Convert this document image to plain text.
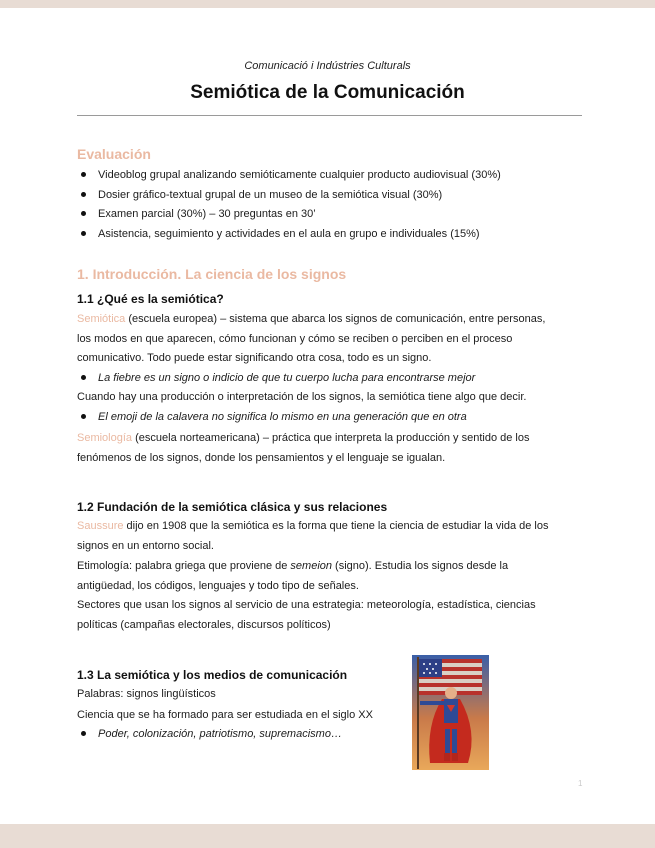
Comunicació i Indústries Culturals
Semiótica de la Comunicación
Evaluación
Videoblog grupal analizando semióticamente cualquier producto audiovisual (30%)
Dosier gráfico-textual grupal de un museo de la semiótica visual (30%)
Examen parcial (30%) – 30 preguntas en 30’
Asistencia, seguimiento y actividades en el aula en grupo e individuales (15%)
1. Introducción. La ciencia de los signos
1.1 ¿Qué es la semiótica?
Semiótica (escuela europea) – sistema que abarca los signos de comunicación, entre personas,
los modos en que aparecen, cómo funcionan y cómo se reciben o perciben en el proceso
comunicativo. Todo puede estar significando otra cosa, todo es un signo.
La fiebre es un signo o indicio de que tu cuerpo lucha para encontrarse mejor
Cuando hay una producción o interpretación de los signos, la semiótica tiene algo que decir.
El emoji de la calavera no significa lo mismo en una generación que en otra
Semiología (escuela norteamericana) – práctica que interpreta la producción y sentido de los
fenómenos de los signos, donde los pensamientos y el lenguaje se igualan.
1.2 Fundación de la semiótica clásica y sus relaciones
Saussure dijo en 1908 que la semiótica es la forma que tiene la ciencia de estudiar la vida de los
signos en un entorno social.
Etimología: palabra griega que proviene de semeion (signo). Estudia los signos desde la
antigüedad, los códigos, lenguajes y todo tipo de señales.
Sectores que usan los signos al servicio de una estrategia: meteorología, estadística, ciencias
políticas (campañas electorales, discursos políticos)
1.3 La semiótica y los medios de comunicación
Palabras: signos lingüísticos
Ciencia que se ha formado para ser estudiada en el siglo XX
Poder, colonización, patriotismo, supremacismo…
1
